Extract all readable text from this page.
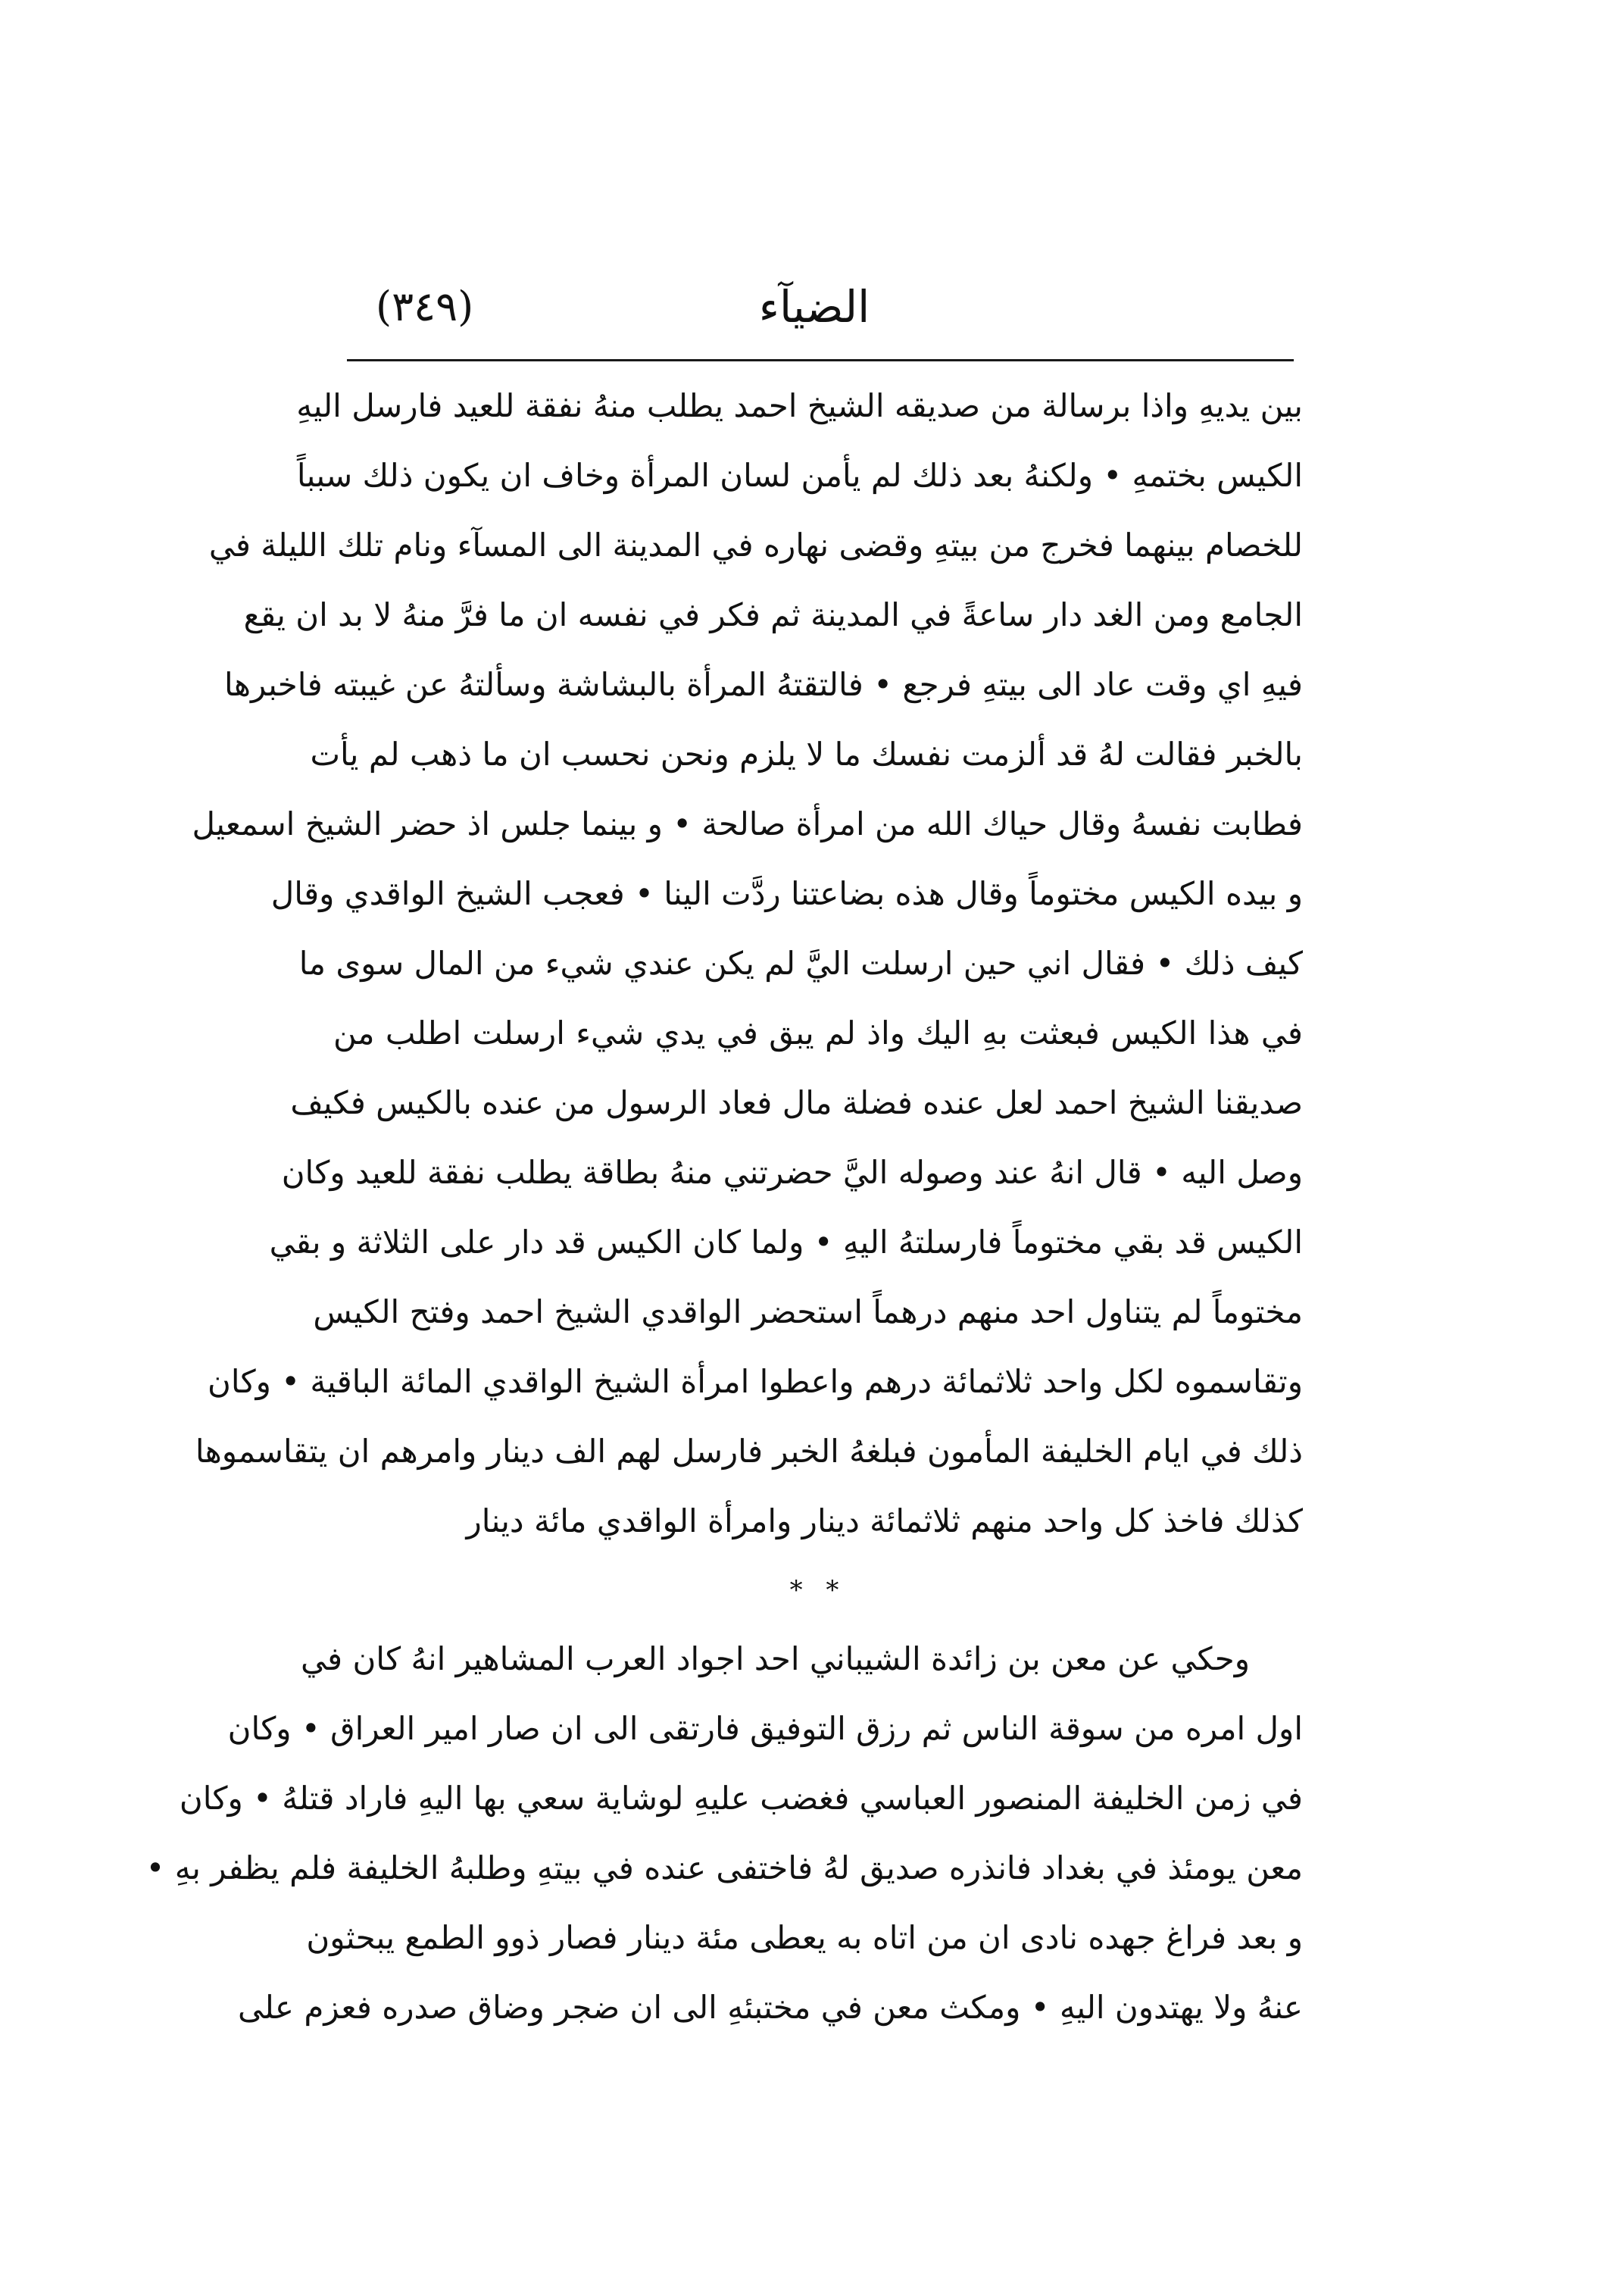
الضيآء
(٣٤٩)
بين يديهِ واذا برسالة من صديقه الشيخ احمد يطلب منهُ نفقة للعيد فارسل اليهِ
الكيس بختمهِ • ولكنهُ بعد ذلك لم يأمن لسان المرأة وخاف ان يكون ذلك سبباً
للخصام بينهما فخرج من بيتهِ وقضى نهاره في المدينة الى المسآء ونام تلك الليلة في
الجامع ومن الغد دار ساعةً في المدينة ثم فكر في نفسه ان ما فرَّ منهُ لا بد ان يقع
فيهِ اي وقت عاد الى بيتهِ فرجع • فالتقتهُ المرأة بالبشاشة وسألتهُ عن غيبته فاخبرها
بالخبر فقالت لهُ قد ألزمت نفسك ما لا يلزم ونحن نحسب ان ما ذهب لم يأت
فطابت نفسهُ وقال حياك الله من امرأة صالحة • و بينما جلس اذ حضر الشيخ اسمعيل
و بيده الكيس مختوماً وقال هذه بضاعتنا ردَّت الينا • فعجب الشيخ الواقدي وقال
كيف ذلك • فقال اني حين ارسلت اليَّ لم يكن عندي شيء من المال سوى ما
في هذا الكيس فبعثت بهِ اليك واذ لم يبق في يدي شيء ارسلت اطلب من
صديقنا الشيخ احمد لعل عنده فضلة مال فعاد الرسول من عنده بالكيس فكيف
وصل اليه • قال انهُ عند وصوله اليَّ حضرتني منهُ بطاقة يطلب نفقة للعيد وكان
الكيس قد بقي مختوماً فارسلتهُ اليهِ • ولما كان الكيس قد دار على الثلاثة و بقي
مختوماً لم يتناول احد منهم درهماً استحضر الواقدي الشيخ احمد وفتح الكيس
وتقاسموه لكل واحد ثلاثمائة درهم واعطوا امرأة الشيخ الواقدي المائة الباقية • وكان
ذلك في ايام الخليفة المأمون فبلغهُ الخبر فارسل لهم الف دينار وامرهم ان يتقاسموها
كذلك فاخذ كل واحد منهم ثلاثمائة دينار وامرأة الواقدي مائة دينار
* *
وحكي عن معن بن زائدة الشيباني احد اجواد العرب المشاهير انهُ كان في
اول امره من سوقة الناس ثم رزق التوفيق فارتقى الى ان صار امير العراق • وكان
في زمن الخليفة المنصور العباسي فغضب عليهِ لوشاية سعي بها اليهِ فاراد قتلهُ • وكان
معن يومئذ في بغداد فانذره صديق لهُ فاختفى عنده في بيتهِ وطلبهُ الخليفة فلم يظفر بهِ •
و بعد فراغ جهده نادى ان من اتاه به يعطى مئة دينار فصار ذوو الطمع يبحثون
عنهُ ولا يهتدون اليهِ • ومكث معن في مختبئهِ الى ان ضجر وضاق صدره فعزم على
